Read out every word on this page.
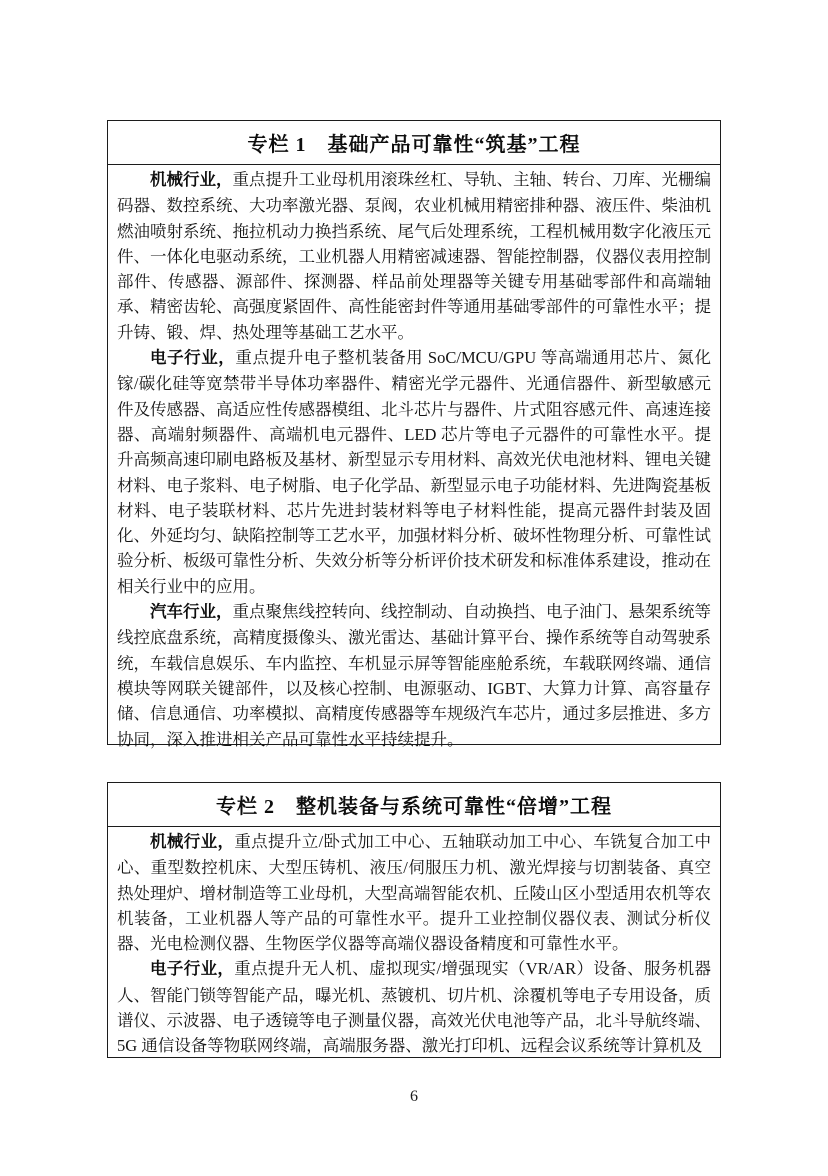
专栏 1　基础产品可靠性“筑基”工程

机械行业，重点提升工业母机用滚珠丝杠、导轨、主轴、转台、刀库、光栅编码器、数控系统、大功率激光器、泵阀，农业机械用精密排种器、液压件、柴油机燃油喷射系统、拖拉机动力换挡系统、尾气后处理系统，工程机械用数字化液压元件、一体化电驱动系统，工业机器人用精密减速器、智能控制器，仪器仪表用控制部件、传感器、源部件、探测器、样品前处理器等关键专用基础零部件和高端轴承、精密齿轮、高强度紧固件、高性能密封件等通用基础零部件的可靠性水平；提升铸、锻、焊、热处理等基础工艺水平。

电子行业，重点提升电子整机装备用 SoC/MCU/GPU 等高端通用芯片、氮化镓/碳化硅等宽禁带半导体功率器件、精密光学元器件、光通信器件、新型敏感元件及传感器、高适应性传感器模组、北斗芯片与器件、片式阻容感元件、高速连接器、高端射频器件、高端机电元器件、LED 芯片等电子元器件的可靠性水平。提升高频高速印刷电路板及基材、新型显示专用材料、高效光伏电池材料、锂电关键材料、电子浆料、电子树脂、电子化学品、新型显示电子功能材料、先进陶瓷基板材料、电子装联材料、芯片先进封装材料等电子材料性能，提高元器件封装及固化、外延均匀、缺陷控制等工艺水平，加强材料分析、破坏性物理分析、可靠性试验分析、板级可靠性分析、失效分析等分析评价技术研发和标准体系建设，推动在相关行业中的应用。

汽车行业，重点聚焦线控转向、线控制动、自动换挡、电子油门、悬架系统等线控底盘系统，高精度摄像头、激光雷达、基础计算平台、操作系统等自动驾驶系统，车载信息娱乐、车内监控、车机显示屏等智能座舱系统，车载联网终端、通信模块等网联关键部件，以及核心控制、电源驱动、IGBT、大算力计算、高容量存储、信息通信、功率模拟、高精度传感器等车规级汽车芯片，通过多层推进、多方协同，深入推进相关产品可靠性水平持续提升。

专栏 2　整机装备与系统可靠性“倍增”工程

机械行业，重点提升立/卧式加工中心、五轴联动加工中心、车铣复合加工中心、重型数控机床、大型压铸机、液压/伺服压力机、激光焊接与切割装备、真空热处理炉、增材制造等工业母机，大型高端智能农机、丘陵山区小型适用农机等农机装备，工业机器人等产品的可靠性水平。提升工业控制仪器仪表、测试分析仪器、光电检测仪器、生物医学仪器等高端仪器设备精度和可靠性水平。

电子行业，重点提升无人机、虚拟现实/增强现实（VR/AR）设备、服务机器人、智能门锁等智能产品，曝光机、蒸镀机、切片机、涂覆机等电子专用设备，质谱仪、示波器、电子透镜等电子测量仪器，高效光伏电池等产品，北斗导航终端、5G 通信设备等物联网终端，高端服务器、激光打印机、远程会议系统等计算机及

6
